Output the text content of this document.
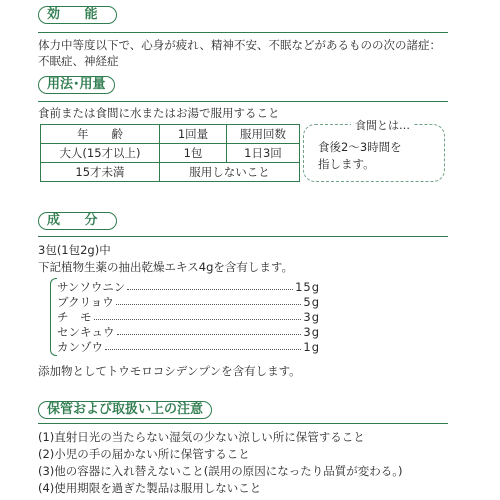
効 能
体力中等度以下で、心身が疲れ、精神不安、不眠などがあるものの次の諸症：
不眠症、神経症
用法･用量
食前または食間に水またはお湯で服用すること
年　　齢	1回量	服用回数
大人(15才以上)	1包	1日3回
15才未満	服用しないこと	
食間とは…
食後2〜3時間を
指します。
成 分
3包(1包2g)中
下記植物生薬の抽出乾燥エキス4gを含有します。
サンソウニン	15g
ブクリョウ	5g
チ　モ	3g
センキュウ	3g
カンゾウ	1g
添加物としてトウモロコシデンプンを含有します。
保管および取扱い上の注意
(1)直射日光の当たらない湿気の少ない涼しい所に保管すること
(2)小児の手の届かない所に保管すること
(3)他の容器に入れ替えないこと(誤用の原因になったり品質が変わる。)
(4)使用期限を過ぎた製品は服用しないこと
